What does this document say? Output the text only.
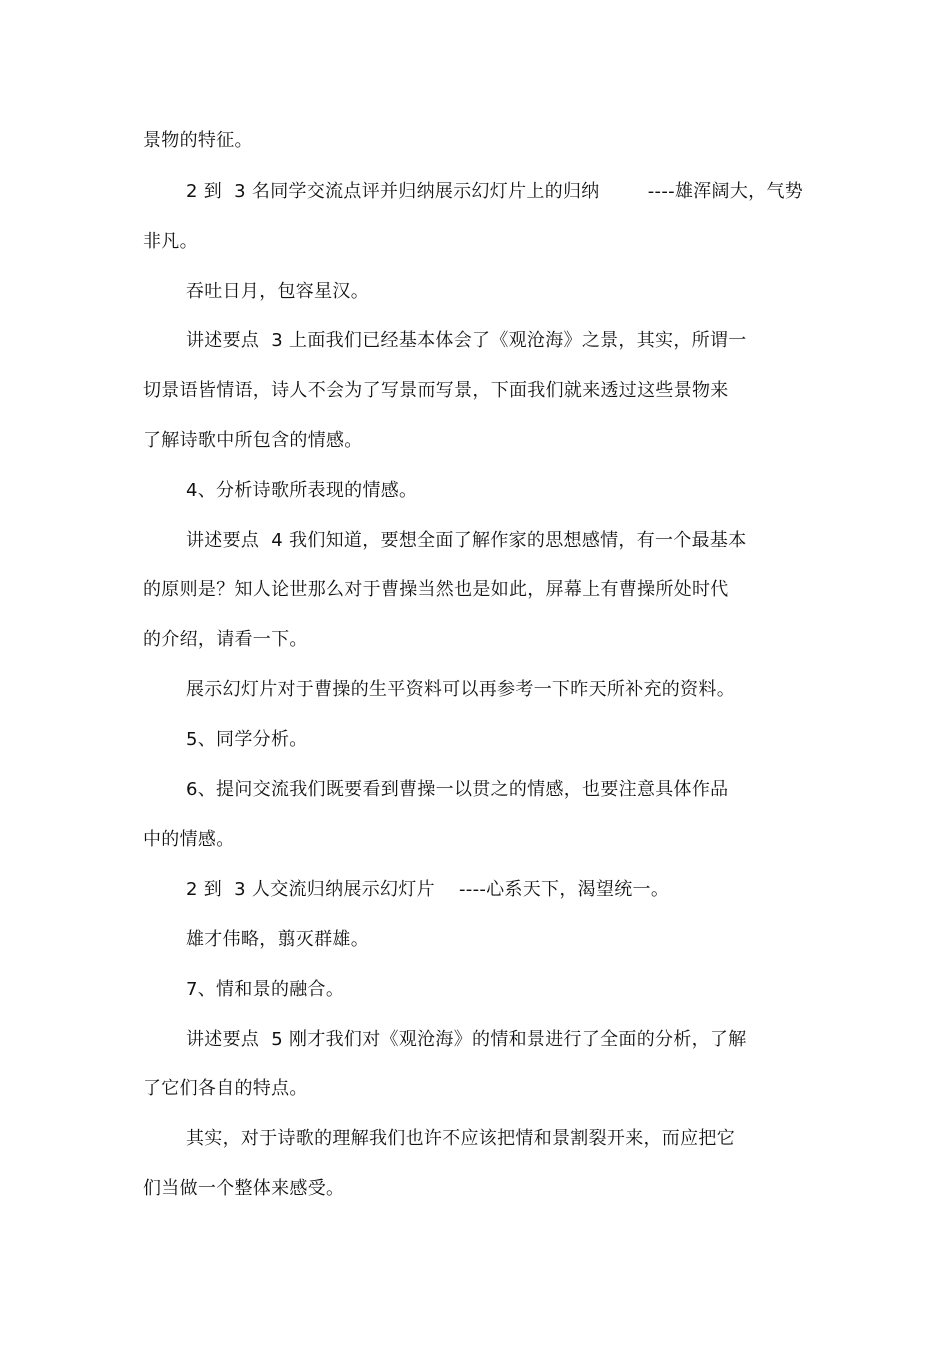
景物的特征。
2 到  3 名同学交流点评并归纳展示幻灯片上的归纳        ----雄浑阔大，气势
非凡。
吞吐日月，包容星汉。
讲述要点  3 上面我们已经基本体会了《观沧海》之景，其实，所谓一
切景语皆情语，诗人不会为了写景而写景，下面我们就来透过这些景物来
了解诗歌中所包含的情感。
4、分析诗歌所表现的情感。
讲述要点  4 我们知道，要想全面了解作家的思想感情，有一个最基本
的原则是？知人论世那么对于曹操当然也是如此，屏幕上有曹操所处时代
的介绍，请看一下。
展示幻灯片对于曹操的生平资料可以再参考一下昨天所补充的资料。
5、同学分析。
6、提问交流我们既要看到曹操一以贯之的情感，也要注意具体作品
中的情感。
2 到  3 人交流归纳展示幻灯片    ----心系天下，渴望统一。
雄才伟略，翦灭群雄。
7、情和景的融合。
讲述要点  5 刚才我们对《观沧海》的情和景进行了全面的分析，了解
了它们各自的特点。
其实，对于诗歌的理解我们也许不应该把情和景割裂开来，而应把它
们当做一个整体来感受。
